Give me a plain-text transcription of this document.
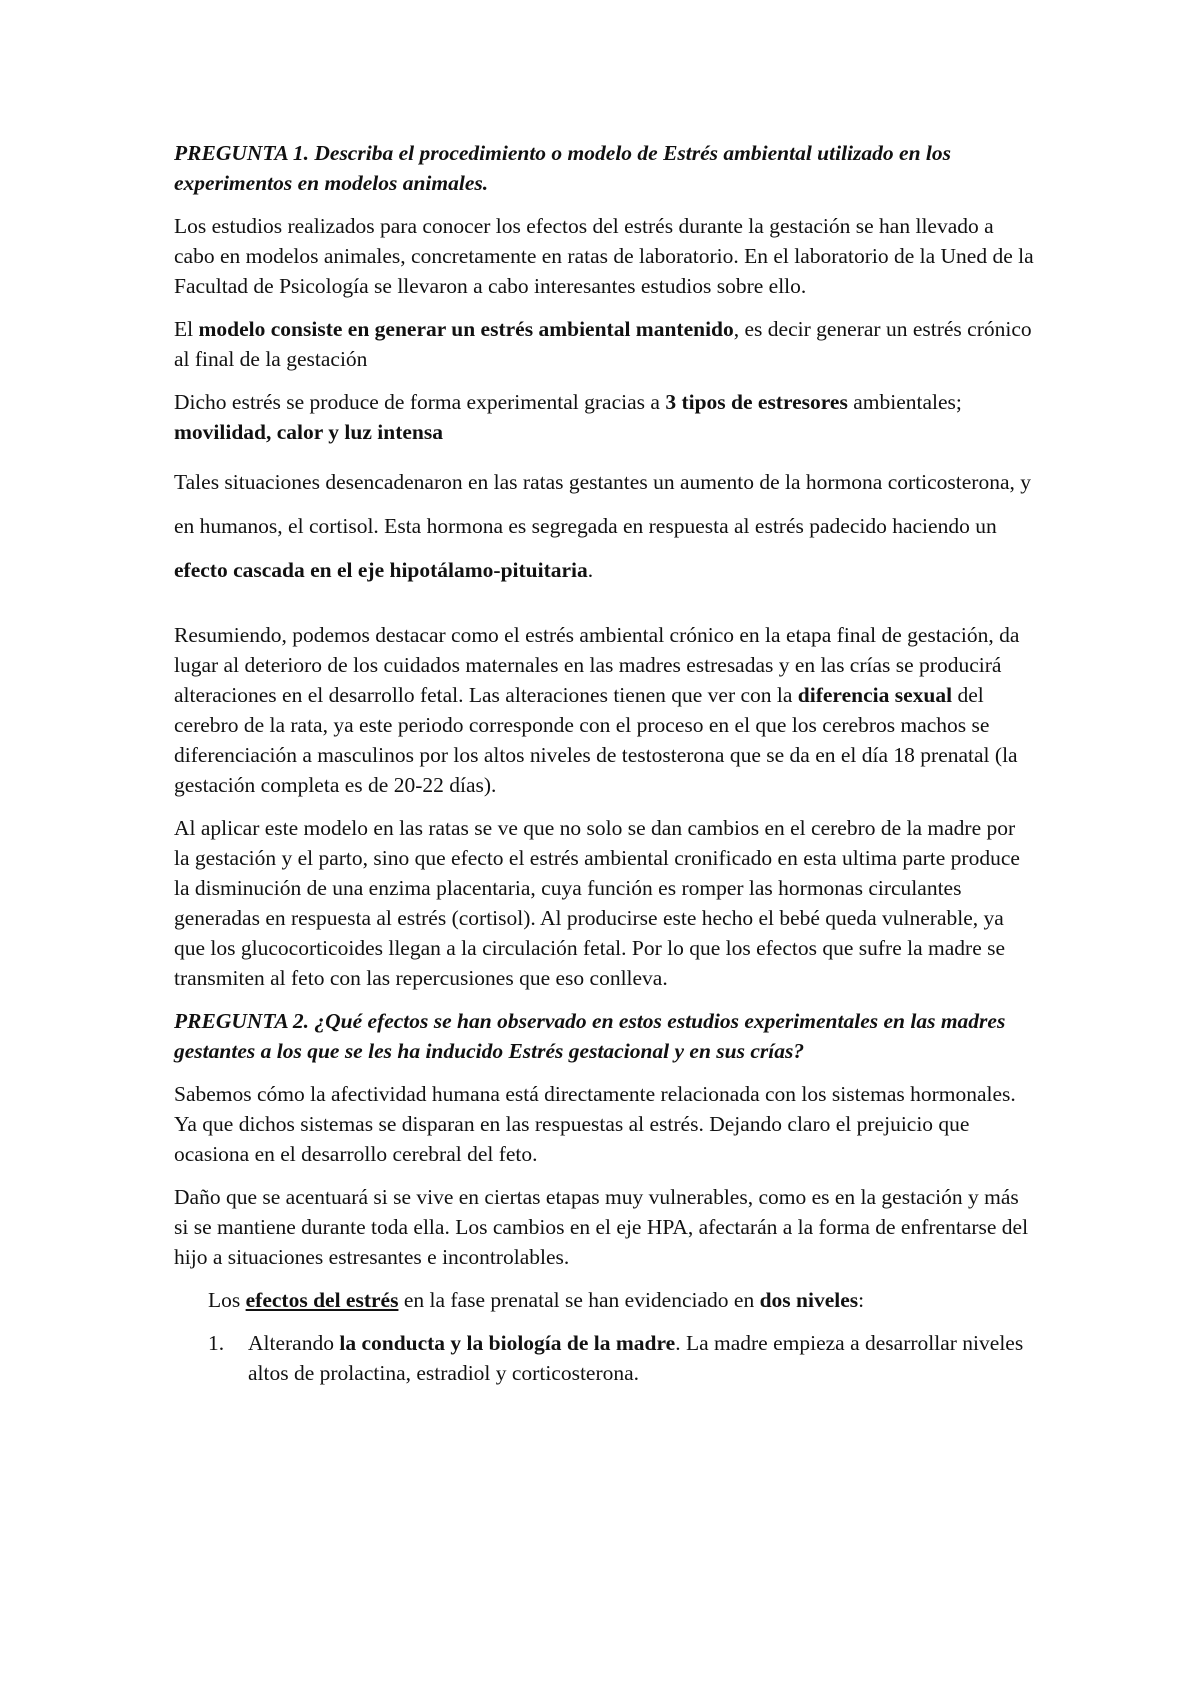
PREGUNTA 1. Describa el procedimiento o modelo de Estrés ambiental utilizado en los experimentos en modelos animales.

Los estudios realizados para conocer los efectos del estrés durante la gestación se han llevado a cabo en modelos animales, concretamente en ratas de laboratorio. En el laboratorio de la Uned de la Facultad de Psicología se llevaron a cabo interesantes estudios sobre ello.

El modelo consiste en generar un estrés ambiental mantenido, es decir generar un estrés crónico al final de la gestación

Dicho estrés se produce de forma experimental gracias a 3 tipos de estresores ambientales; movilidad, calor y luz intensa

Tales situaciones desencadenaron en las ratas gestantes un aumento de la hormona corticosterona, y en humanos, el cortisol. Esta hormona es segregada en respuesta al estrés padecido haciendo un efecto cascada en el eje hipotálamo-pituitaria.

Resumiendo, podemos destacar como el estrés ambiental crónico en la etapa final de gestación, da lugar al deterioro de los cuidados maternales en las madres estresadas y en las crías se producirá alteraciones en el desarrollo fetal. Las alteraciones tienen que ver con la diferencia sexual del cerebro de la rata, ya este periodo corresponde con el proceso en el que los cerebros machos se diferenciación a masculinos por los altos niveles de testosterona que se da en el día 18 prenatal (la gestación completa es de 20-22 días).

Al aplicar este modelo en las ratas se ve que no solo se dan cambios en el cerebro de la madre por la gestación y el parto, sino que efecto el estrés ambiental cronificado en esta ultima parte produce la disminución de una enzima placentaria, cuya función es romper las hormonas circulantes generadas en respuesta al estrés (cortisol). Al producirse este hecho el bebé queda vulnerable, ya que los glucocorticoides llegan a la circulación fetal. Por lo que los efectos que sufre la madre se transmiten al feto con las repercusiones que eso conlleva.

PREGUNTA 2. ¿Qué efectos se han observado en estos estudios experimentales en las madres gestantes a los que se les ha inducido Estrés gestacional y en sus crías?

Sabemos cómo la afectividad humana está directamente relacionada con los sistemas hormonales. Ya que dichos sistemas se disparan en las respuestas al estrés. Dejando claro el prejuicio que ocasiona en el desarrollo cerebral del feto.

Daño que se acentuará si se vive en ciertas etapas muy vulnerables, como es en la gestación y más si se mantiene durante toda ella. Los cambios en el eje HPA, afectarán a la forma de enfrentarse del hijo a situaciones estresantes e incontrolables.

Los efectos del estrés en la fase prenatal se han evidenciado en dos niveles:

1. Alterando la conducta y la biología de la madre. La madre empieza a desarrollar niveles altos de prolactina, estradiol y corticosterona.
